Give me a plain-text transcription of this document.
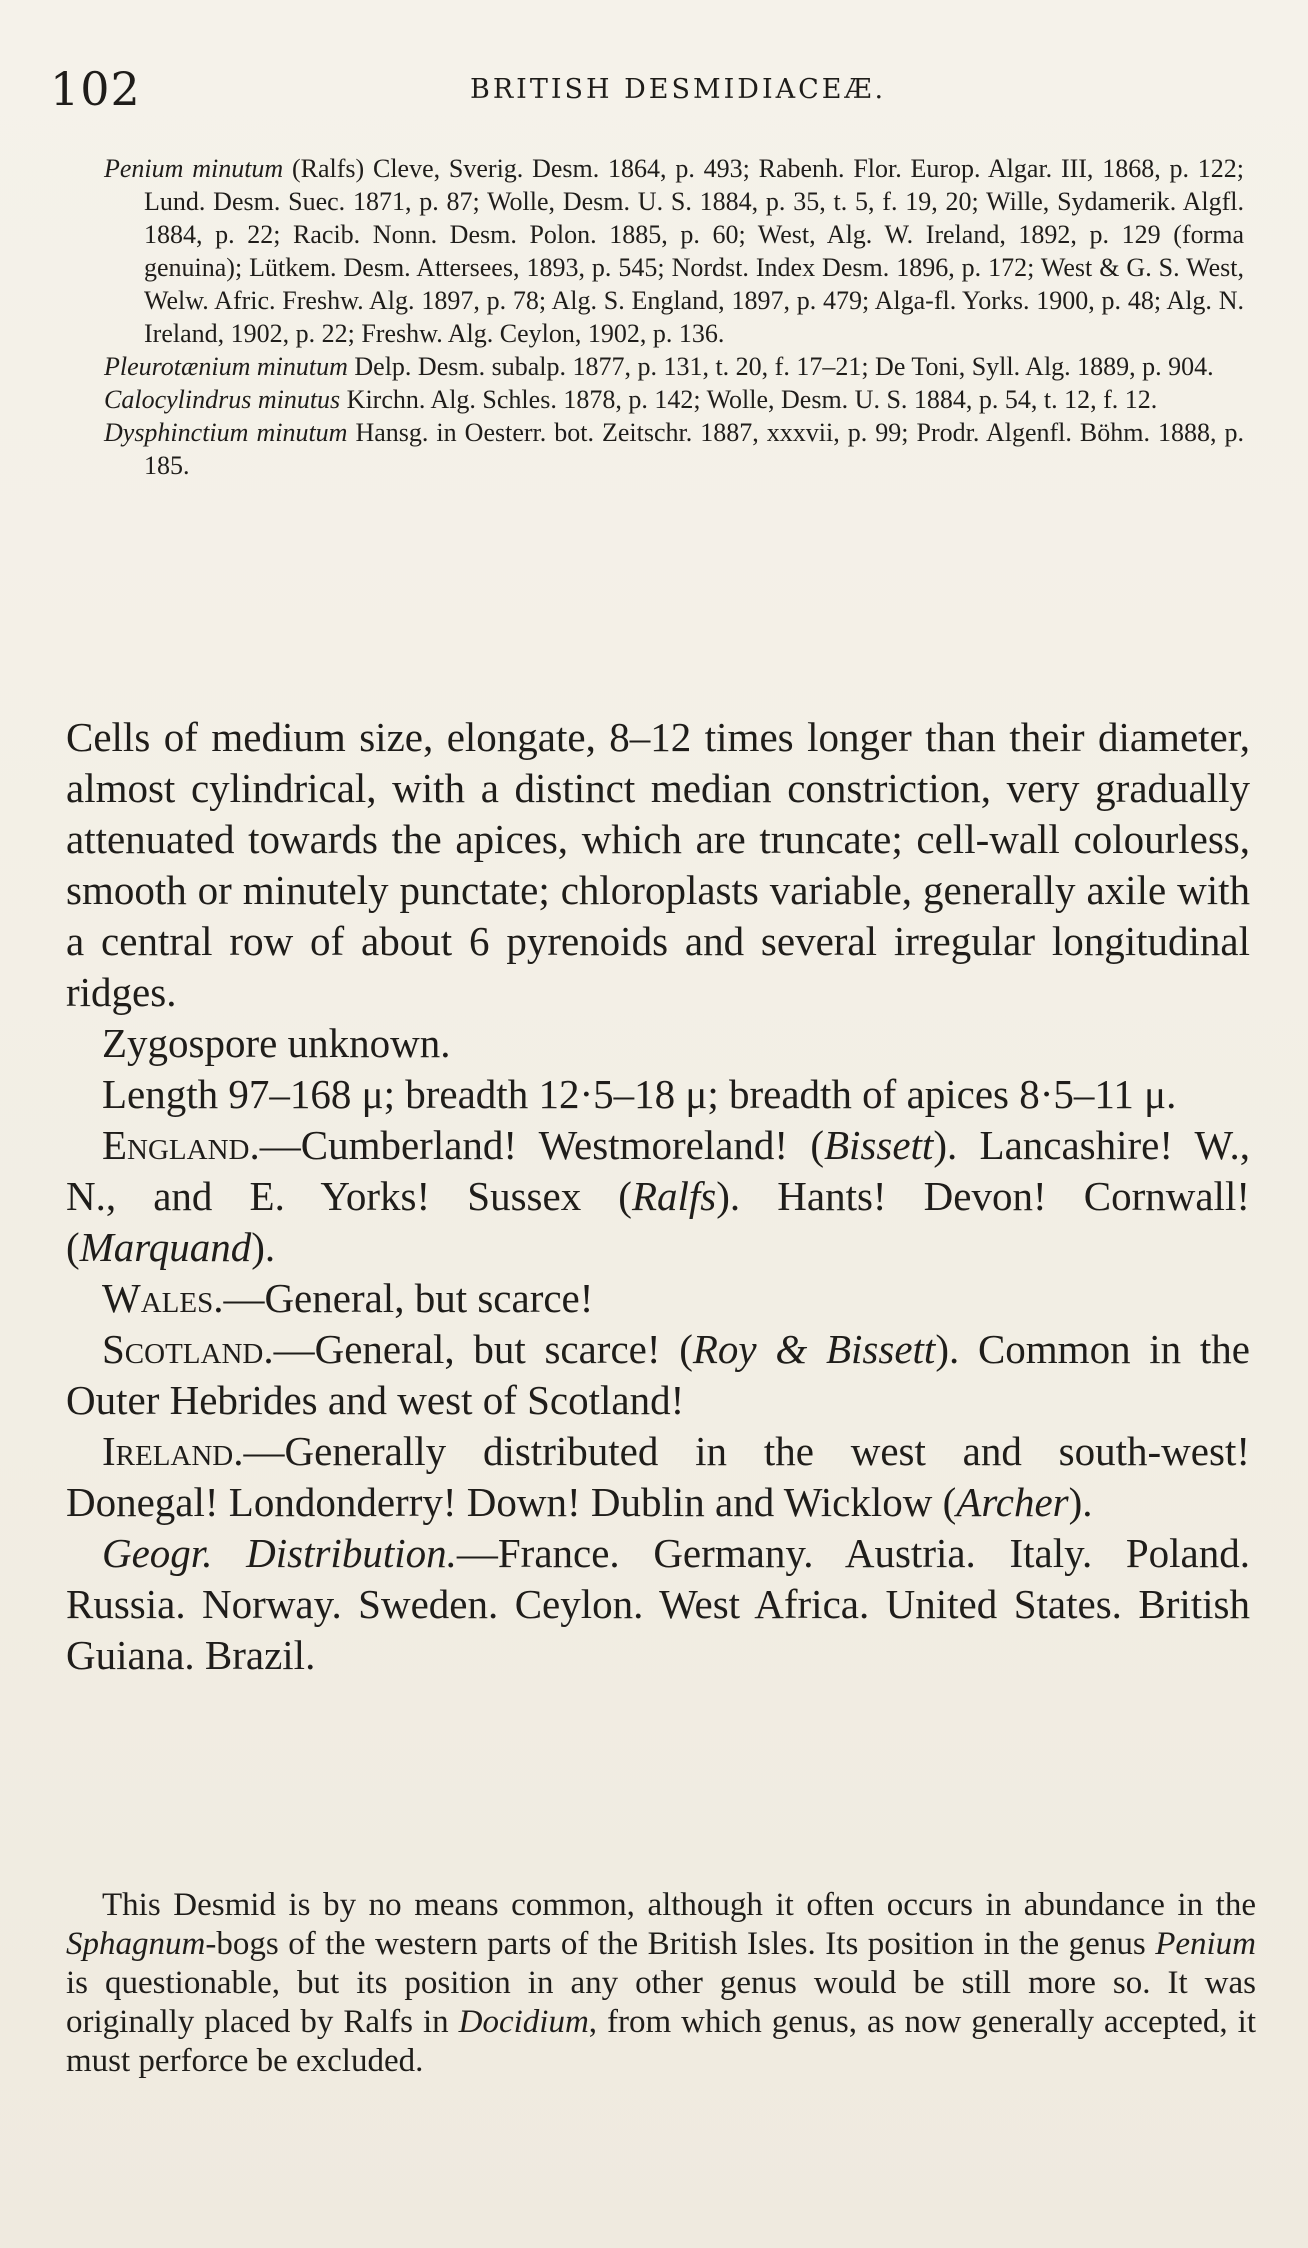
102	BRITISH DESMIDIACEÆ.

Penium minutum (Ralfs) Cleve, Sverig. Desm. 1864, p. 493; Rabenh. Flor. Europ. Algar. III, 1868, p. 122; Lund. Desm. Suec. 1871, p. 87; Wolle, Desm. U. S. 1884, p. 35, t. 5, f. 19, 20; Wille, Sydamerik. Algfl. 1884, p. 22; Racib. Nonn. Desm. Polon. 1885, p. 60; West, Alg. W. Ireland, 1892, p. 129 (forma genuina); Lütkem. Desm. Attersees, 1893, p. 545; Nordst. Index Desm. 1896, p. 172; West & G. S. West, Welw. Afric. Freshw. Alg. 1897, p. 78; Alg. S. England, 1897, p. 479; Alga-fl. Yorks. 1900, p. 48; Alg. N. Ireland, 1902, p. 22; Freshw. Alg. Ceylon, 1902, p. 136.

Pleurotænium minutum Delp. Desm. subalp. 1877, p. 131, t. 20, f. 17–21; De Toni, Syll. Alg. 1889, p. 904.

Calocylindrus minutus Kirchn. Alg. Schles. 1878, p. 142; Wolle, Desm. U. S. 1884, p. 54, t. 12, f. 12.

Dysphinctium minutum Hansg. in Oesterr. bot. Zeitschr. 1887, xxxvii, p. 99; Prodr. Algenfl. Böhm. 1888, p. 185.

Cells of medium size, elongate, 8–12 times longer than their diameter, almost cylindrical, with a distinct median constriction, very gradually attenuated towards the apices, which are truncate; cell-wall colourless, smooth or minutely punctate; chloroplasts variable, generally axile with a central row of about 6 pyrenoids and several irregular longitudinal ridges.

Zygospore unknown.

Length 97–168 μ; breadth 12·5–18 μ; breadth of apices 8·5–11 μ.

England.—Cumberland! Westmoreland! (Bissett). Lancashire! W., N., and E. Yorks! Sussex (Ralfs). Hants! Devon! Cornwall! (Marquand).

Wales.—General, but scarce!

Scotland.—General, but scarce! (Roy & Bissett). Common in the Outer Hebrides and west of Scotland!

Ireland.—Generally distributed in the west and south-west! Donegal! Londonderry! Down! Dublin and Wicklow (Archer).

Geogr. Distribution.—France. Germany. Austria. Italy. Poland. Russia. Norway. Sweden. Ceylon. West Africa. United States. British Guiana. Brazil.

This Desmid is by no means common, although it often occurs in abundance in the Sphagnum-bogs of the western parts of the British Isles. Its position in the genus Penium is questionable, but its position in any other genus would be still more so. It was originally placed by Ralfs in Docidium, from which genus, as now generally accepted, it must perforce be excluded.
